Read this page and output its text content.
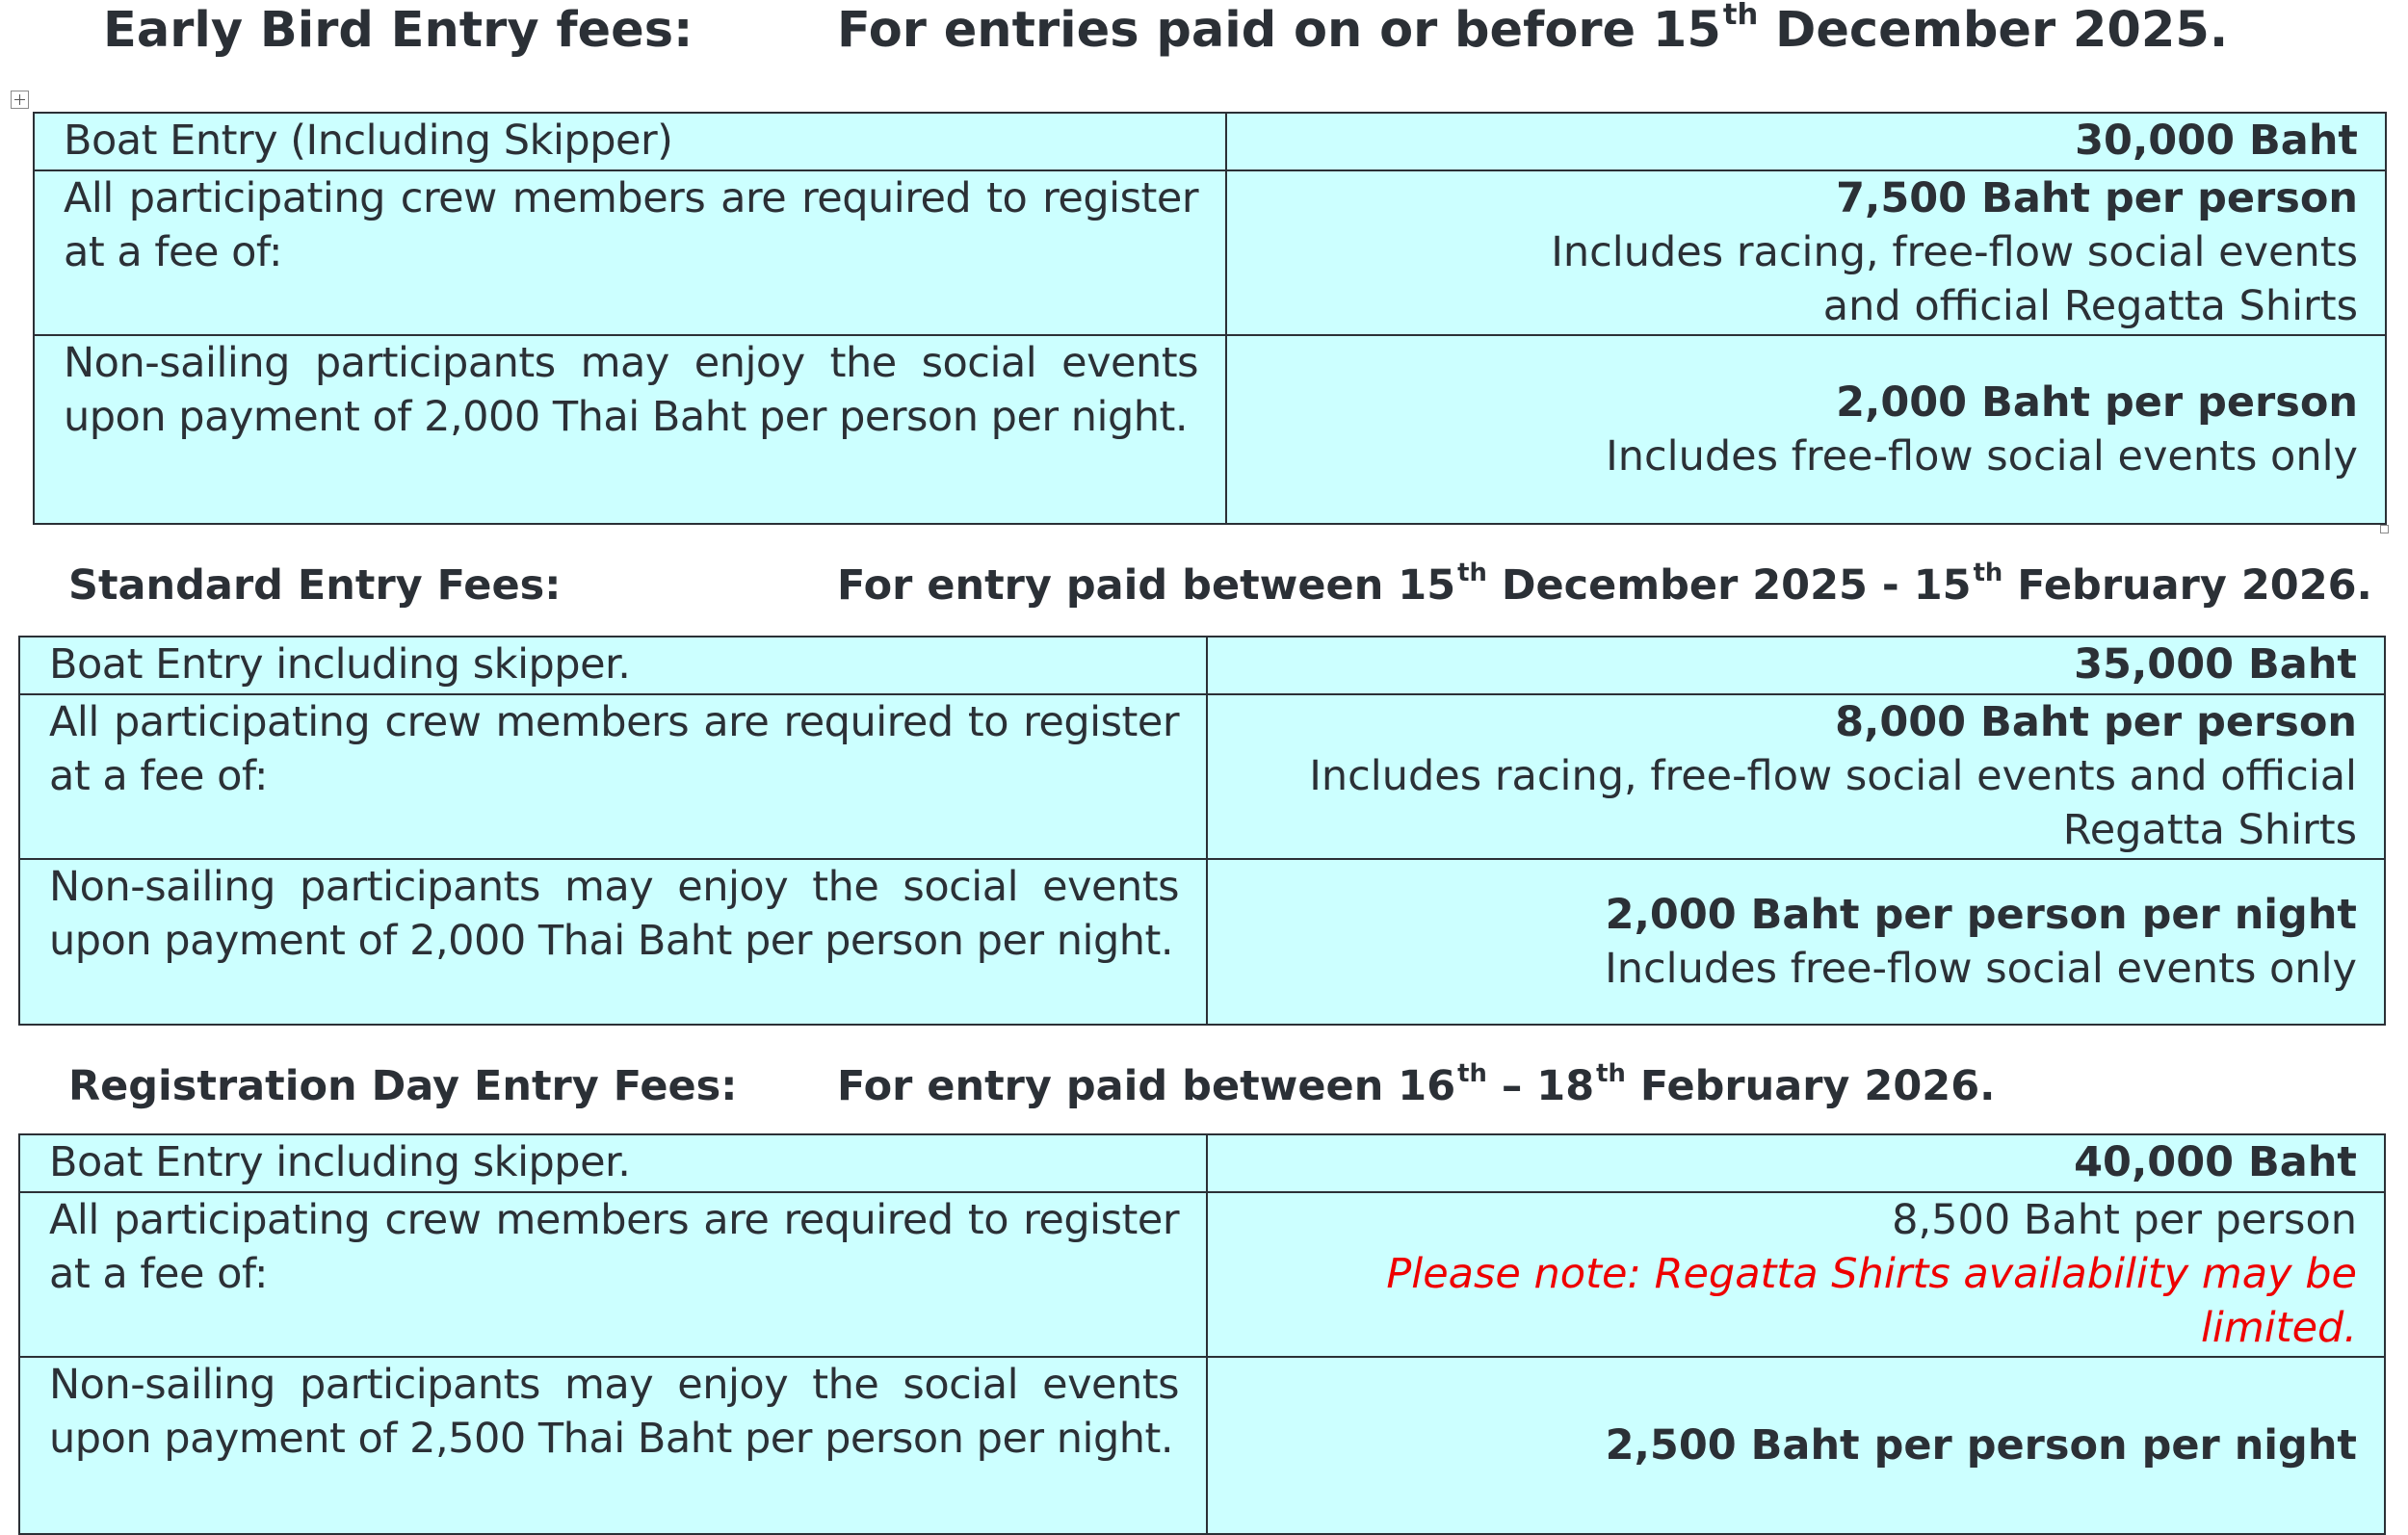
Early Bird Entry fees:	For entries paid on or before 15th December 2025.
Boat Entry (Including Skipper)	30,000 Baht
All participating crew members are required to register at a fee of:	7,500 Baht per person
Includes racing, free-flow social events
and official Regatta Shirts

Non-sailing participants may enjoy the social events upon payment of 2,000 Thai Baht per person per night.	2,000 Baht per person
Includes free-flow social events only
Standard Entry Fees:	For entry paid between 15th December 2025 - 15th February 2026.
Boat Entry including skipper.	35,000 Baht
All participating crew members are required to register at a fee of:	8,000 Baht per person
Includes racing, free-flow social events and official
Regatta Shirts

Non-sailing participants may enjoy the social events upon payment of 2,000 Thai Baht per person per night.	2,000 Baht per person per night
Includes free-flow social events only
Registration Day Entry Fees: For entry paid between 16th – 18th February 2026.
Boat Entry including skipper.	40,000 Baht
All participating crew members are required to register at a fee of:	8,500 Baht per person
Please note: Regatta Shirts availability may be
limited.

Non-sailing participants may enjoy the social events upon payment of 2,500 Thai Baht per person per night.	2,500 Baht per person per night
